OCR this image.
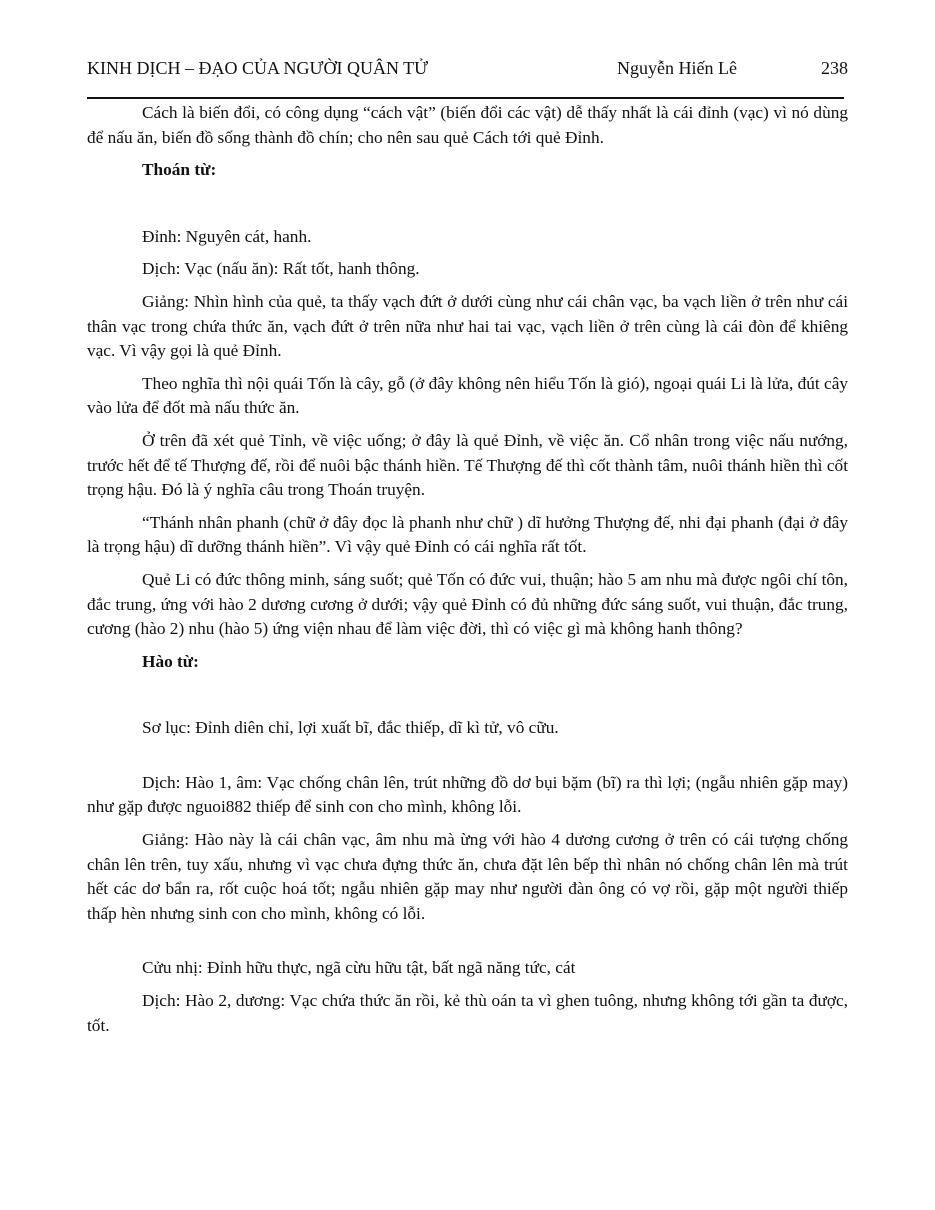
KINH DỊCH – ĐẠO CỦA NGƯỜI QUÂN TỬ	Nguyễn Hiến Lê	238

Cách là biến đổi, có công dụng “cách vật” (biến đổi các vật) dễ thấy nhất là cái đỉnh (vạc) vì nó dùng để nấu ăn, biến đồ sống thành đồ chín; cho nên sau quẻ Cách tới quẻ Đỉnh.

Thoán từ:

Đỉnh: Nguyên cát, hanh.

Dịch: Vạc (nấu ăn): Rất tốt, hanh thông.

Giảng: Nhìn hình của quẻ, ta thấy vạch đứt ở dưới cùng như cái chân vạc, ba vạch liền ở trên như cái thân vạc trong chứa thức ăn, vạch đứt ở trên nữa như hai tai vạc, vạch liền ở trên cùng là cái đòn để khiêng vạc. Vì vậy gọi là quẻ Đỉnh.

Theo nghĩa thì nội quái Tốn là cây, gỗ (ở đây không nên hiểu Tốn là gió), ngoại quái Li là lửa, đút cây vào lửa để đốt mà nấu thức ăn.

Ở trên đã xét quẻ Tỉnh, về việc uống; ở đây là quẻ Đỉnh, về việc ăn. Cổ nhân trong việc nấu nướng, trước hết để tế Thượng đế, rồi để nuôi bậc thánh hiền. Tế Thượng đế thì cốt thành tâm, nuôi thánh hiền thì cốt trọng hậu. Đó là ý nghĩa câu trong Thoán truyện.

“Thánh nhân phanh (chữ ở đây đọc là phanh như chữ ) dĩ hưởng Thượng đế, nhi đại phanh (đại ở đây là trọng hậu) dĩ dưỡng thánh hiền”. Vì vậy quẻ Đỉnh có cái nghĩa rất tốt.

Quẻ Li có đức thông minh, sáng suốt; quẻ Tốn có đức vui, thuận; hào 5 am nhu mà được ngôi chí tôn, đắc trung, ứng với hào 2 dương cương ở dưới; vậy quẻ Đỉnh có đủ những đức sáng suốt, vui thuận, đắc trung, cương (hào 2) nhu (hào 5) ứng viện nhau để làm việc đời, thì có việc gì mà không hanh thông?

Hào từ:

Sơ lục: Đỉnh diên chỉ, lợi xuất bĩ, đắc thiếp, dĩ kì tử, vô cữu.

Dịch: Hào 1, âm: Vạc chống chân lên, trút những đồ dơ bụi bặm (bĩ) ra thì lợi; (ngẫu nhiên gặp may) như gặp được nguoi882 thiếp để sinh con cho mình, không lỗi.

Giảng: Hào này là cái chân vạc, âm nhu mà ừng với hào 4 dương cương ở trên có cái tượng chống chân lên trên, tuy xấu, nhưng vì vạc chưa đựng thức ăn, chưa đặt lên bếp thì nhân nó chống chân lên mà trút hết các dơ bẩn ra, rốt cuộc hoá tốt; ngẫu nhiên gặp may như người đàn ông có vợ rồi, gặp một người thiếp thấp hèn nhưng sinh con cho mình, không có lỗi.

Cửu nhị: Đỉnh hữu thực, ngã cừu hữu tật, bất ngã năng tức, cát

Dịch: Hào 2, dương: Vạc chứa thức ăn rồi, kẻ thù oán ta vì ghen tuông, nhưng không tới gần ta được, tốt.
